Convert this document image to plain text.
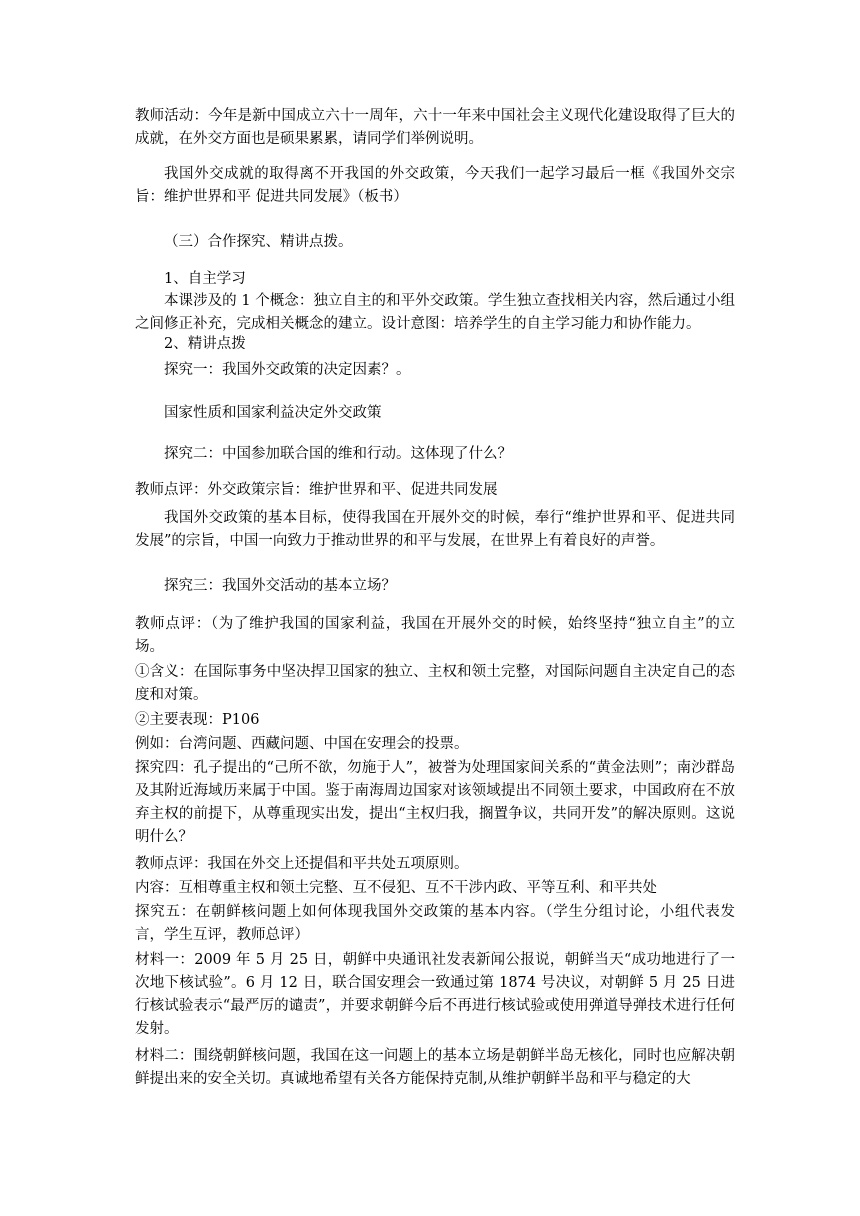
教师活动：今年是新中国成立六十一周年，六十一年来中国社会主义现代化建设取得了巨大的成就，在外交方面也是硕果累累，请同学们举例说明。

我国外交成就的取得离不开我国的外交政策，今天我们一起学习最后一框《我国外交宗旨：维护世界和平 促进共同发展》（板书）

（三）合作探究、精讲点拨。

1、自主学习

本课涉及的 1 个概念：独立自主的和平外交政策。学生独立查找相关内容，然后通过小组之间修正补充，完成相关概念的建立。设计意图：培养学生的自主学习能力和协作能力。

2、精讲点拨

探究一：我国外交政策的决定因素？。

国家性质和国家利益决定外交政策

探究二：中国参加联合国的维和行动。这体现了什么？

教师点评：外交政策宗旨：维护世界和平、促进共同发展

我国外交政策的基本目标，使得我国在开展外交的时候，奉行“维护世界和平、促进共同发展”的宗旨，中国一向致力于推动世界的和平与发展，在世界上有着良好的声誉。

探究三：我国外交活动的基本立场？

教师点评：（为了维护我国的国家利益，我国在开展外交的时候，始终坚持“独立自主”的立场。

①含义：在国际事务中坚决捍卫国家的独立、主权和领土完整，对国际问题自主决定自己的态度和对策。

②主要表现：P106

例如：台湾问题、西藏问题、中国在安理会的投票。

探究四：孔子提出的“己所不欲，勿施于人”，被誉为处理国家间关系的“黄金法则”；南沙群岛及其附近海域历来属于中国。鉴于南海周边国家对该领域提出不同领土要求，中国政府在不放弃主权的前提下，从尊重现实出发，提出“主权归我，搁置争议，共同开发”的解决原则。这说明什么？

教师点评：我国在外交上还提倡和平共处五项原则。

内容：互相尊重主权和领土完整、互不侵犯、互不干涉内政、平等互利、和平共处

探究五：在朝鲜核问题上如何体现我国外交政策的基本内容。（学生分组讨论，小组代表发言，学生互评，教师总评）

材料一：2009 年 5 月 25 日，朝鲜中央通讯社发表新闻公报说，朝鲜当天“成功地进行了一次地下核试验”。6 月 12 日，联合国安理会一致通过第 1874 号决议，对朝鲜 5 月 25 日进行核试验表示“最严厉的谴责”，并要求朝鲜今后不再进行核试验或使用弹道导弹技术进行任何发射。

材料二：围绕朝鲜核问题，我国在这一问题上的基本立场是朝鲜半岛无核化，同时也应解决朝鲜提出来的安全关切。真诚地希望有关各方能保持克制,从维护朝鲜半岛和平与稳定的大
